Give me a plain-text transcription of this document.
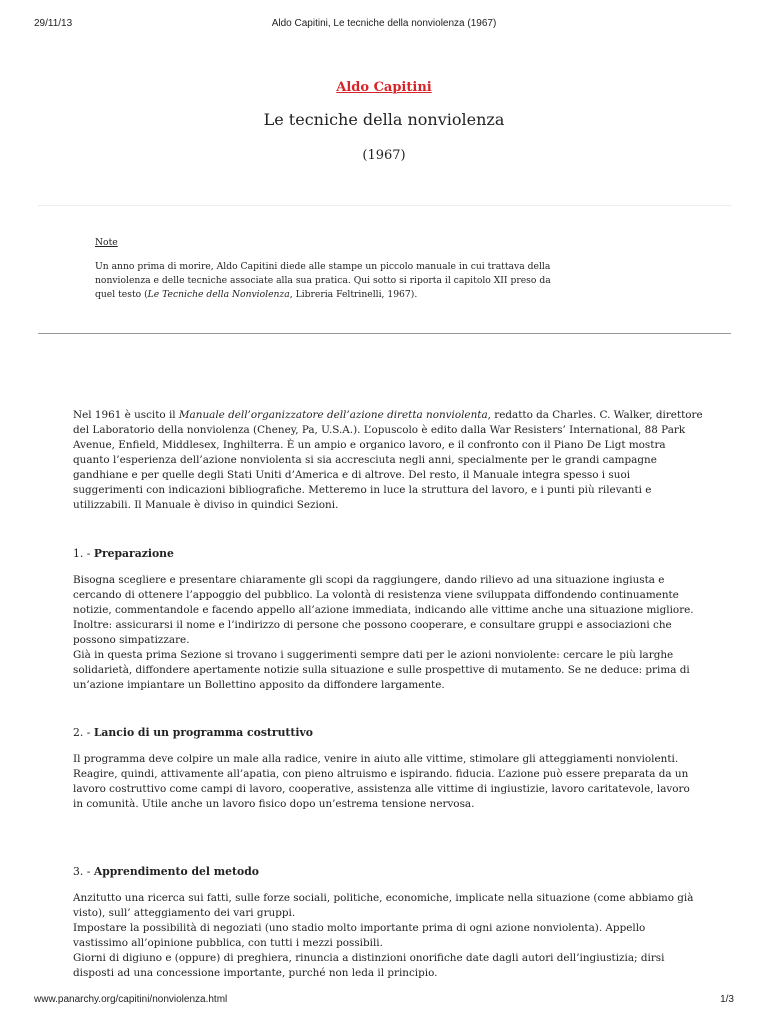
29/11/13	Aldo Capitini, Le tecniche della nonviolenza (1967)
Aldo Capitini
Le tecniche della nonviolenza
(1967)
Note

Un anno prima di morire, Aldo Capitini diede alle stampe un piccolo manuale in cui trattava della nonviolenza e delle tecniche associate alla sua pratica. Qui sotto si riporta il capitolo XII preso da quel testo (Le Tecniche della Nonviolenza, Libreria Feltrinelli, 1967).

Nel 1961 è uscito il Manuale dell’organizzatore dell’azione diretta nonviolenta, redatto da Charles. C. Walker, direttore del Laboratorio della nonviolenza (Cheney, Pa, U.S.A.). L’opuscolo è edito dalla War Resisters’ International, 88 Park Avenue, Enfield, Middlesex, Inghilterra. È un ampio e organico lavoro, e il confronto con il Piano De Ligt mostra quanto l’esperienza dell’azione nonviolenta si sia accresciuta negli anni, specialmente per le grandi campagne gandhiane e per quelle degli Stati Uniti d’America e di altrove. Del resto, il Manuale integra spesso i suoi suggerimenti con indicazioni bibliografiche. Metteremo in luce la struttura del lavoro, e i punti più rilevanti e utilizzabili. Il Manuale è diviso in quindici Sezioni.

1. - Preparazione

Bisogna scegliere e presentare chiaramente gli scopi da raggiungere, dando rilievo ad una situazione ingiusta e cercando di ottenere l’appoggio del pubblico. La volontà di resistenza viene sviluppata diffondendo continuamente notizie, commentandole e facendo appello all’azione immediata, indicando alle vittime anche una situazione migliore. Inoltre: assicurarsi il nome e l’indirizzo di persone che possono cooperare, e consultare gruppi e associazioni che possono simpatizzare.

Già in questa prima Sezione si trovano i suggerimenti sempre dati per le azioni nonviolente: cercare le più larghe solidarietà, diffondere apertamente notizie sulla situazione e sulle prospettive di mutamento. Se ne deduce: prima di un’azione impiantare un Bollettino apposito da diffondere largamente.

2. - Lancio di un programma costruttivo

Il programma deve colpire un male alla radice, venire in aiuto alle vittime, stimolare gli atteggiamenti nonviolenti. Reagire, quindi, attivamente all’apatia, con pieno altruismo e ispirando. fiducia. L’azione può essere preparata da un lavoro costruttivo come campi di lavoro, cooperative, assistenza alle vittime di ingiustizie, lavoro caritatevole, lavoro in comunità. Utile anche un lavoro fisico dopo un’estrema tensione nervosa.

3. - Apprendimento del metodo

Anzitutto una ricerca sui fatti, sulle forze sociali, politiche, economiche, implicate nella situazione (come abbiamo già visto), sull’ atteggiamento dei vari gruppi.

Impostare la possibilità di negoziati (uno stadio molto importante prima di ogni azione nonviolenta). Appello vastissimo all’opinione pubblica, con tutti i mezzi possibili.

Giorni di digiuno e (oppure) di preghiera, rinuncia a distinzioni onorifiche date dagli autori dell’ingiustizia; dirsi disposti ad una concessione importante, purché non leda il principio.

www.panarchy.org/capitini/nonviolenza.html	1/3
